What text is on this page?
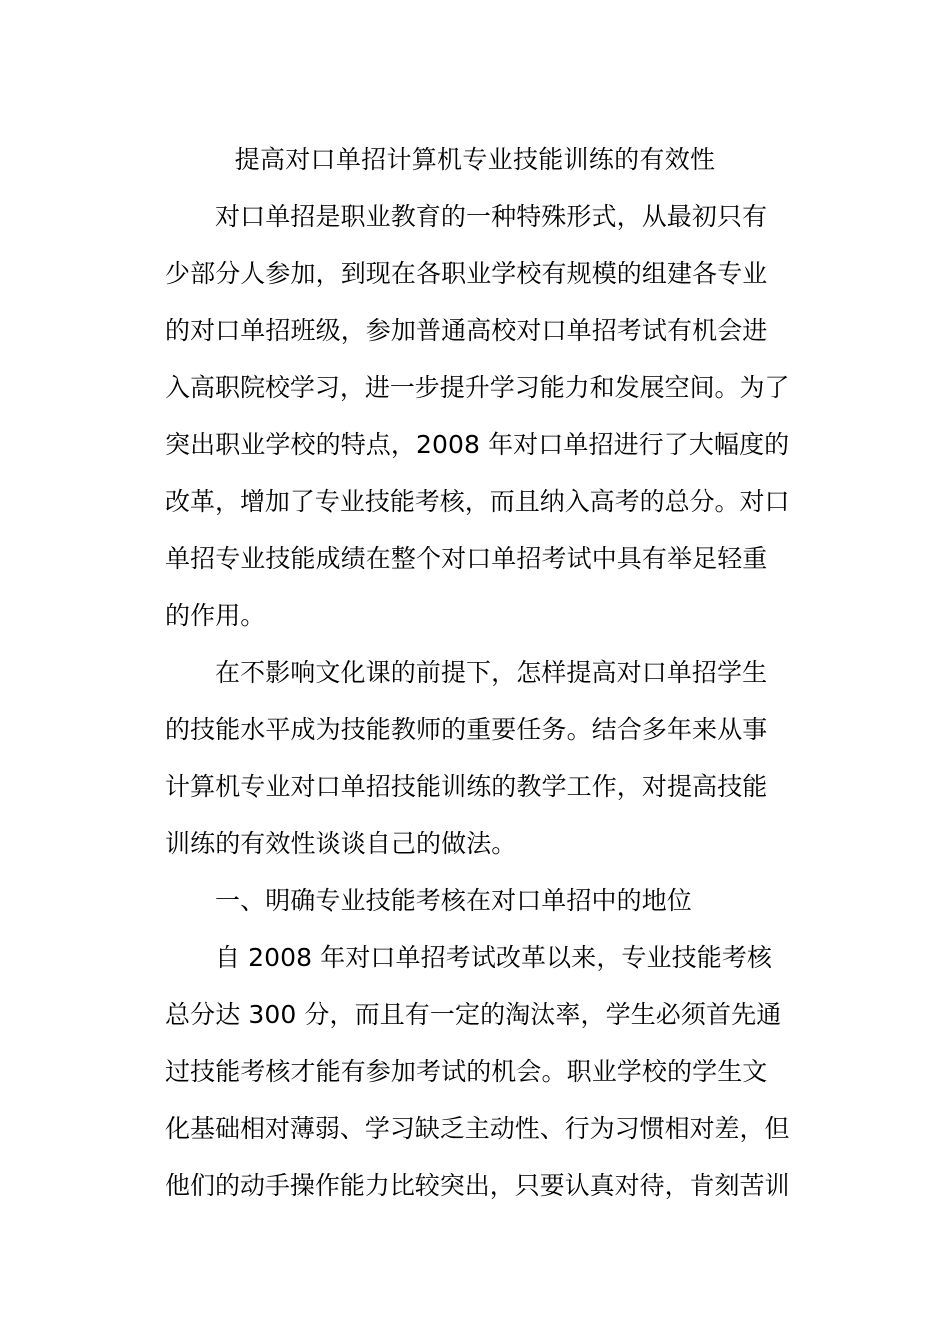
提高对口单招计算机专业技能训练的有效性
对口单招是职业教育的一种特殊形式，从最初只有
少部分人参加，到现在各职业学校有规模的组建各专业
的对口单招班级，参加普通高校对口单招考试有机会进
入高职院校学习，进一步提升学习能力和发展空间。为了
突出职业学校的特点，2008 年对口单招进行了大幅度的
改革，增加了专业技能考核，而且纳入高考的总分。对口
单招专业技能成绩在整个对口单招考试中具有举足轻重
的作用。
在不影响文化课的前提下，怎样提高对口单招学生
的技能水平成为技能教师的重要任务。结合多年来从事
计算机专业对口单招技能训练的教学工作，对提高技能
训练的有效性谈谈自己的做法。
一、明确专业技能考核在对口单招中的地位
自 2008 年对口单招考试改革以来，专业技能考核
总分达 300 分，而且有一定的淘汰率，学生必须首先通
过技能考核才能有参加考试的机会。职业学校的学生文
化基础相对薄弱、学习缺乏主动性、行为习惯相对差，但
他们的动手操作能力比较突出，只要认真对待，肯刻苦训
